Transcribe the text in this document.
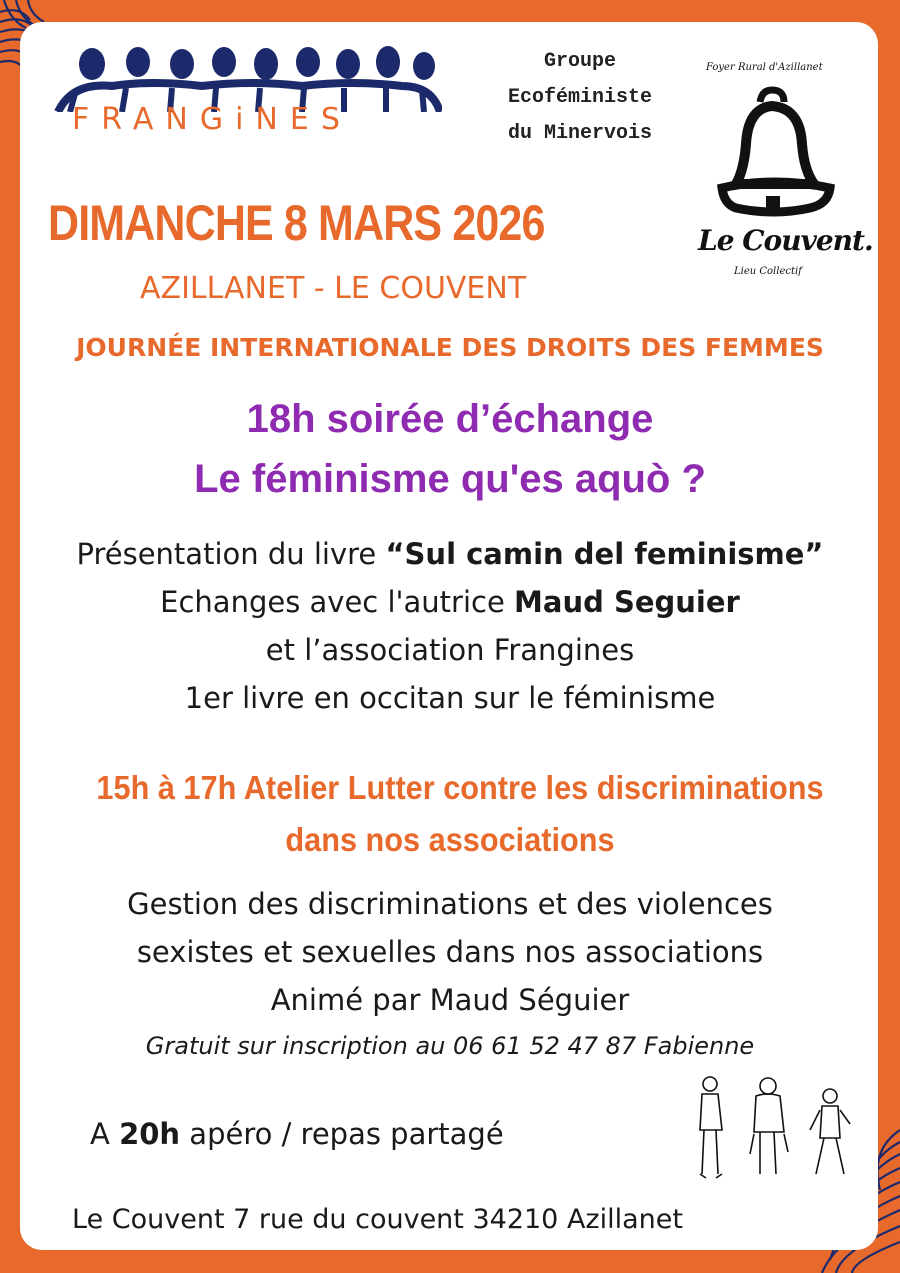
FRANGiNES
Groupe
Ecoféministe
du Minervois
Foyer Rural d'Azillanet
Le Couvent.
Lieu Collectif
DIMANCHE 8 MARS 2026
AZILLANET - LE COUVENT
JOURNÉE INTERNATIONALE DES DROITS DES FEMMES
18h soirée d’échange
Le féminisme qu'es aquò ?
Présentation du livre “Sul camin del feminisme”
Echanges avec l'autrice Maud Seguier
et l’association Frangines
1er livre en occitan sur le féminisme
15h à 17h Atelier Lutter contre les discriminations
dans nos associations
Gestion des discriminations et des violences
sexistes et sexuelles dans nos associations
Animé par Maud Séguier
Gratuit sur inscription au 06 61 52 47 87 Fabienne
A 20h apéro / repas partagé
Le Couvent 7 rue du couvent 34210 Azillanet
